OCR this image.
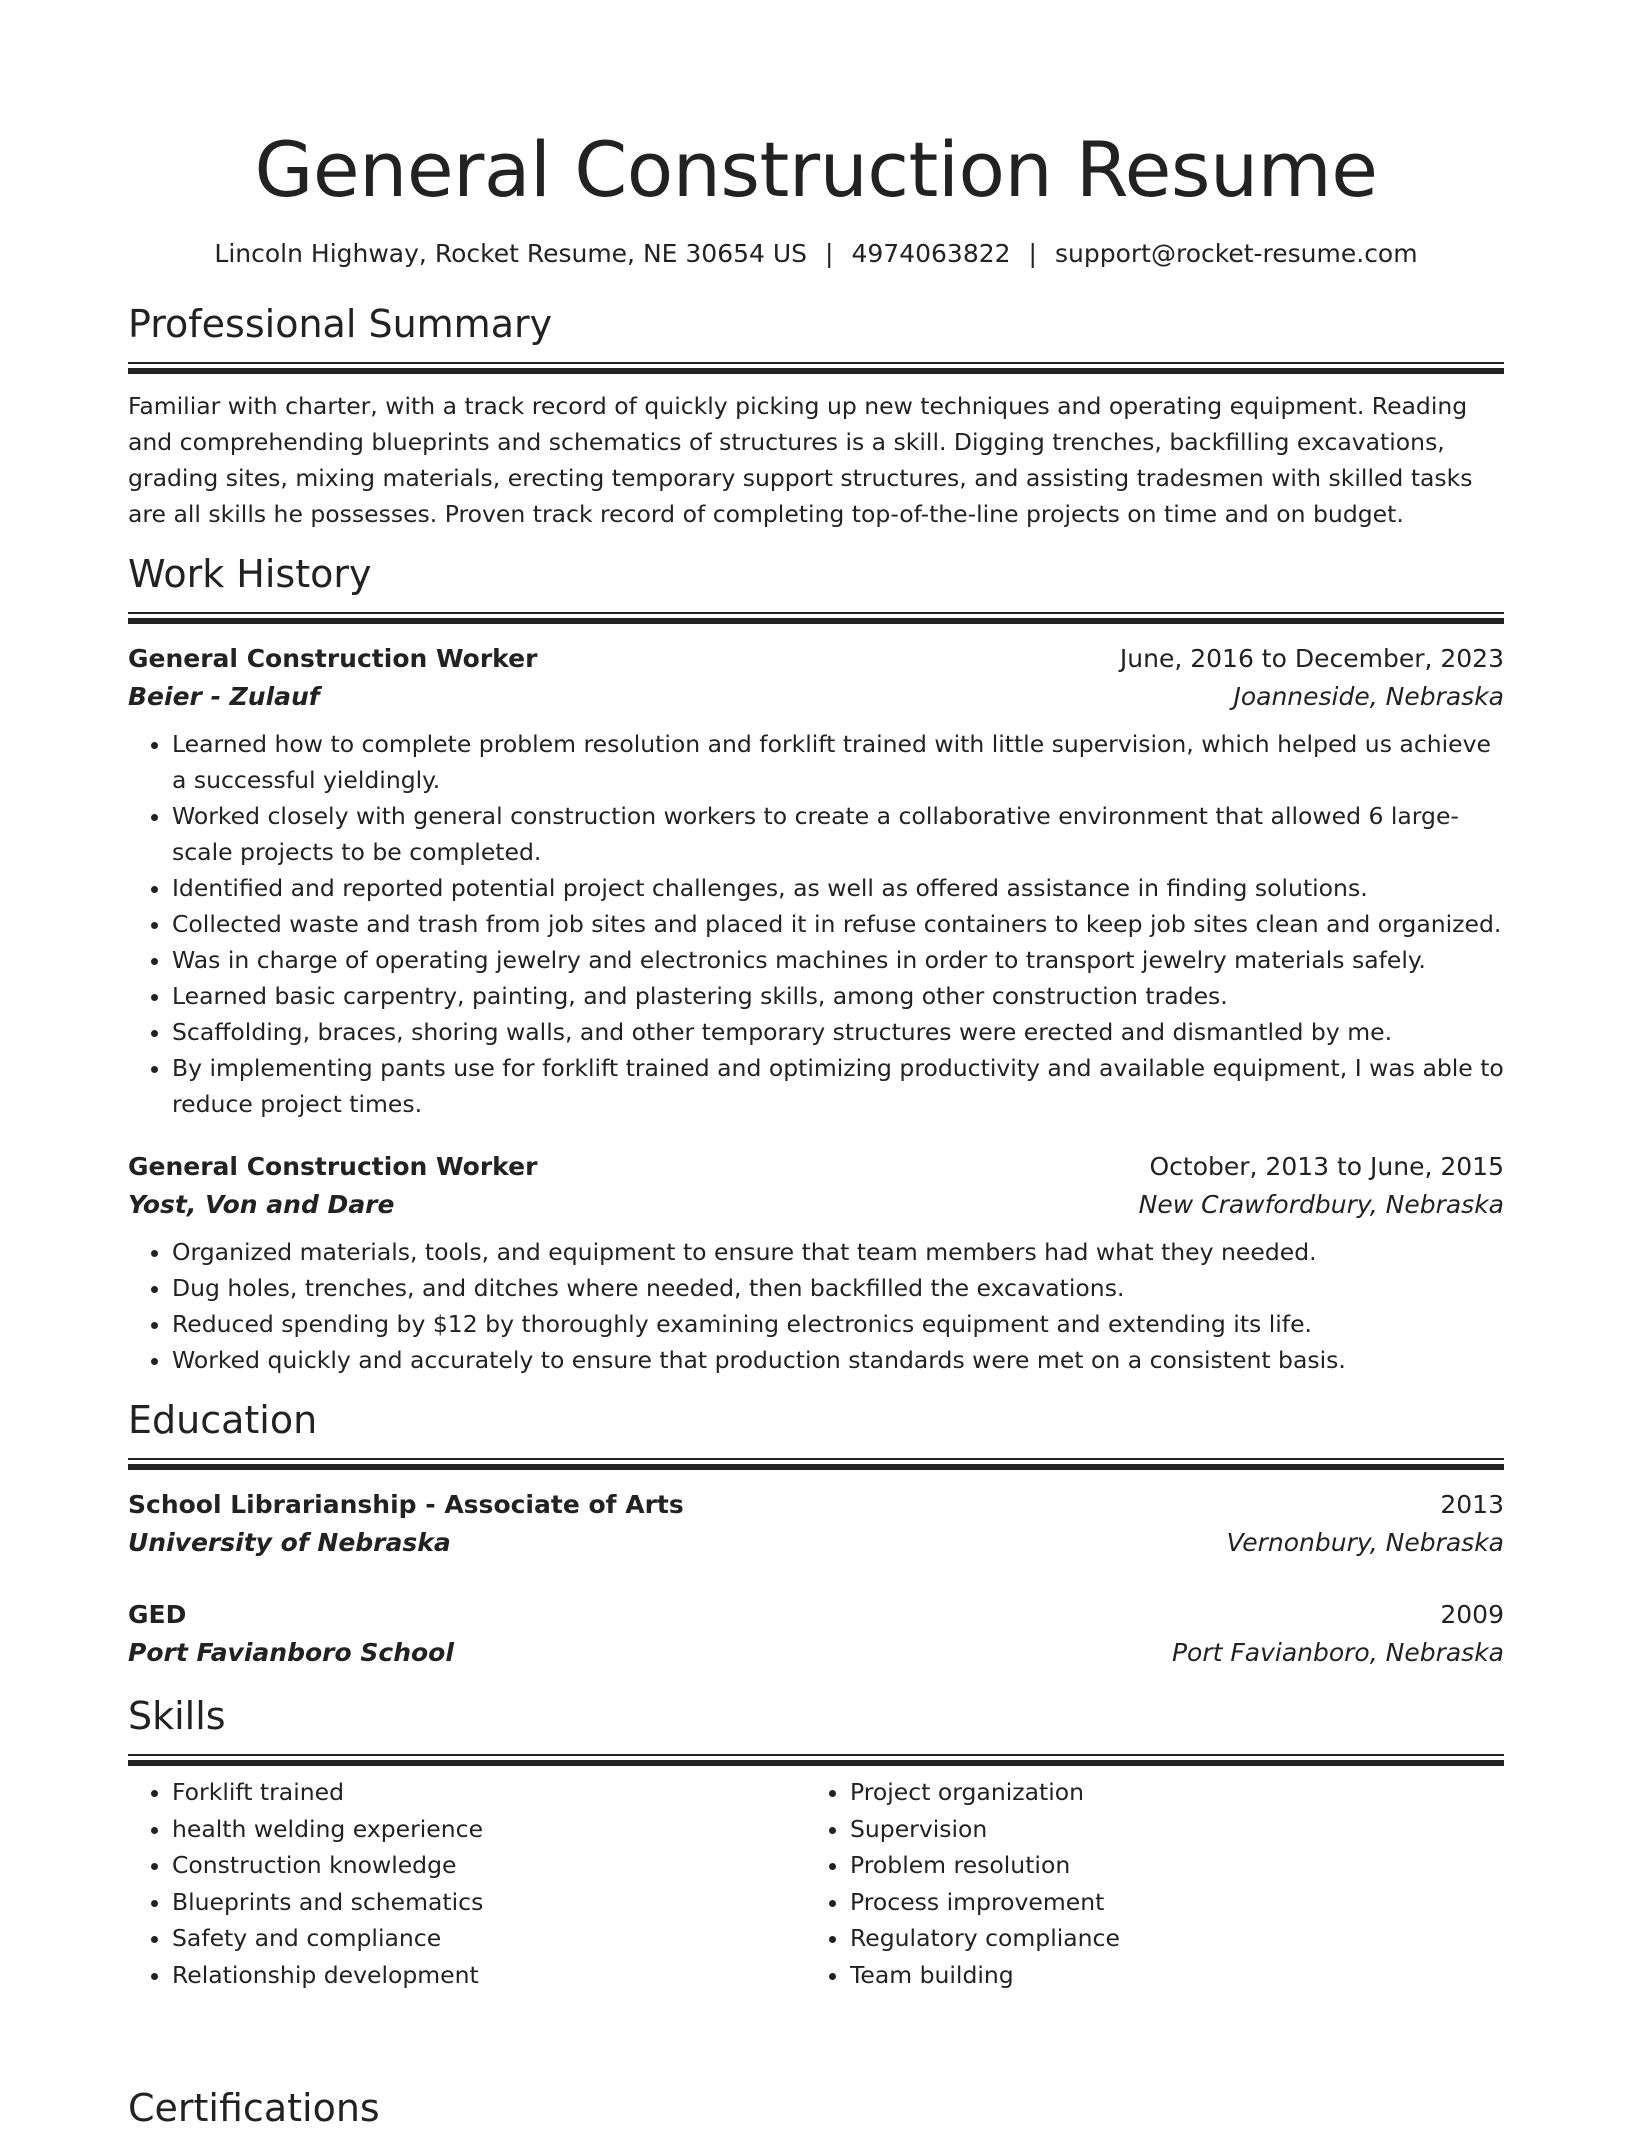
General Construction Resume
Lincoln Highway, Rocket Resume, NE 30654 US | 4974063822 | support@rocket-resume.com
Professional Summary
Familiar with charter, with a track record of quickly picking up new techniques and operating equipment. Reading and comprehending blueprints and schematics of structures is a skill. Digging trenches, backfilling excavations, grading sites, mixing materials, erecting temporary support structures, and assisting tradesmen with skilled tasks are all skills he possesses. Proven track record of completing top-of-the-line projects on time and on budget.
Work History
General Construction Worker	June, 2016 to December, 2023
Beier - Zulauf	Joanneside, Nebraska
• Learned how to complete problem resolution and forklift trained with little supervision, which helped us achieve a successful yieldingly.
• Worked closely with general construction workers to create a collaborative environment that allowed 6 large-scale projects to be completed.
• Identified and reported potential project challenges, as well as offered assistance in finding solutions.
• Collected waste and trash from job sites and placed it in refuse containers to keep job sites clean and organized.
• Was in charge of operating jewelry and electronics machines in order to transport jewelry materials safely.
• Learned basic carpentry, painting, and plastering skills, among other construction trades.
• Scaffolding, braces, shoring walls, and other temporary structures were erected and dismantled by me.
• By implementing pants use for forklift trained and optimizing productivity and available equipment, I was able to reduce project times.
General Construction Worker	October, 2013 to June, 2015
Yost, Von and Dare	New Crawfordbury, Nebraska
• Organized materials, tools, and equipment to ensure that team members had what they needed.
• Dug holes, trenches, and ditches where needed, then backfilled the excavations.
• Reduced spending by $12 by thoroughly examining electronics equipment and extending its life.
• Worked quickly and accurately to ensure that production standards were met on a consistent basis.
Education
School Librarianship - Associate of Arts	2013
University of Nebraska	Vernonbury, Nebraska
GED	2009
Port Favianboro School	Port Favianboro, Nebraska
Skills
• Forklift trained
• health welding experience
• Construction knowledge
• Blueprints and schematics
• Safety and compliance
• Relationship development
• Project organization
• Supervision
• Problem resolution
• Process improvement
• Regulatory compliance
• Team building
Certifications
